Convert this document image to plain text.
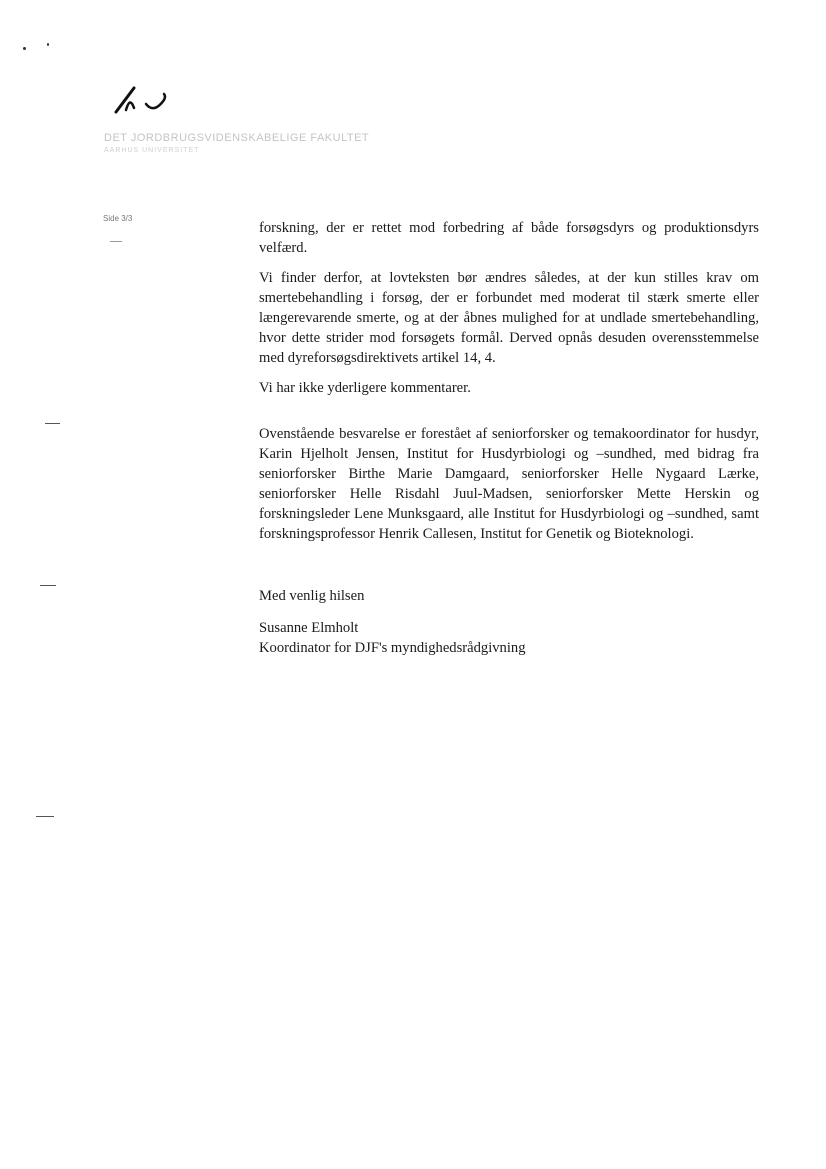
DET JORDBRUGSVIDENSKABELIGE FAKULTET
AARHUS UNIVERSITET
Side 3/3

forskning, der er rettet mod forbedring af både forsøgsdyrs og produktionsdyrs velfærd.

Vi finder derfor, at lovteksten bør ændres således, at der kun stilles krav om smertebehandling i forsøg, der er forbundet med moderat til stærk smerte eller længerevarende smerte, og at der åbnes mulighed for at undlade smertebehandling, hvor dette strider mod forsøgets formål. Derved opnås desuden overensstemmelse med dyreforsøgsdirektivets artikel 14, 4.

Vi har ikke yderligere kommentarer.

Ovenstående besvarelse er forestået af seniorforsker og temakoordinator for husdyr, Karin Hjelholt Jensen, Institut for Husdyrbiologi og –sundhed, med bidrag fra seniorforsker Birthe Marie Damgaard, seniorforsker Helle Nygaard Lærke, seniorforsker Helle Risdahl Juul-Madsen, seniorforsker Mette Herskin og forskningsleder Lene Munksgaard, alle Institut for Husdyrbiologi og –sundhed, samt forskningsprofessor Henrik Callesen, Institut for Genetik og Bioteknologi.

Med venlig hilsen

Susanne Elmholt

Koordinator for DJF's myndighedsrådgivning
